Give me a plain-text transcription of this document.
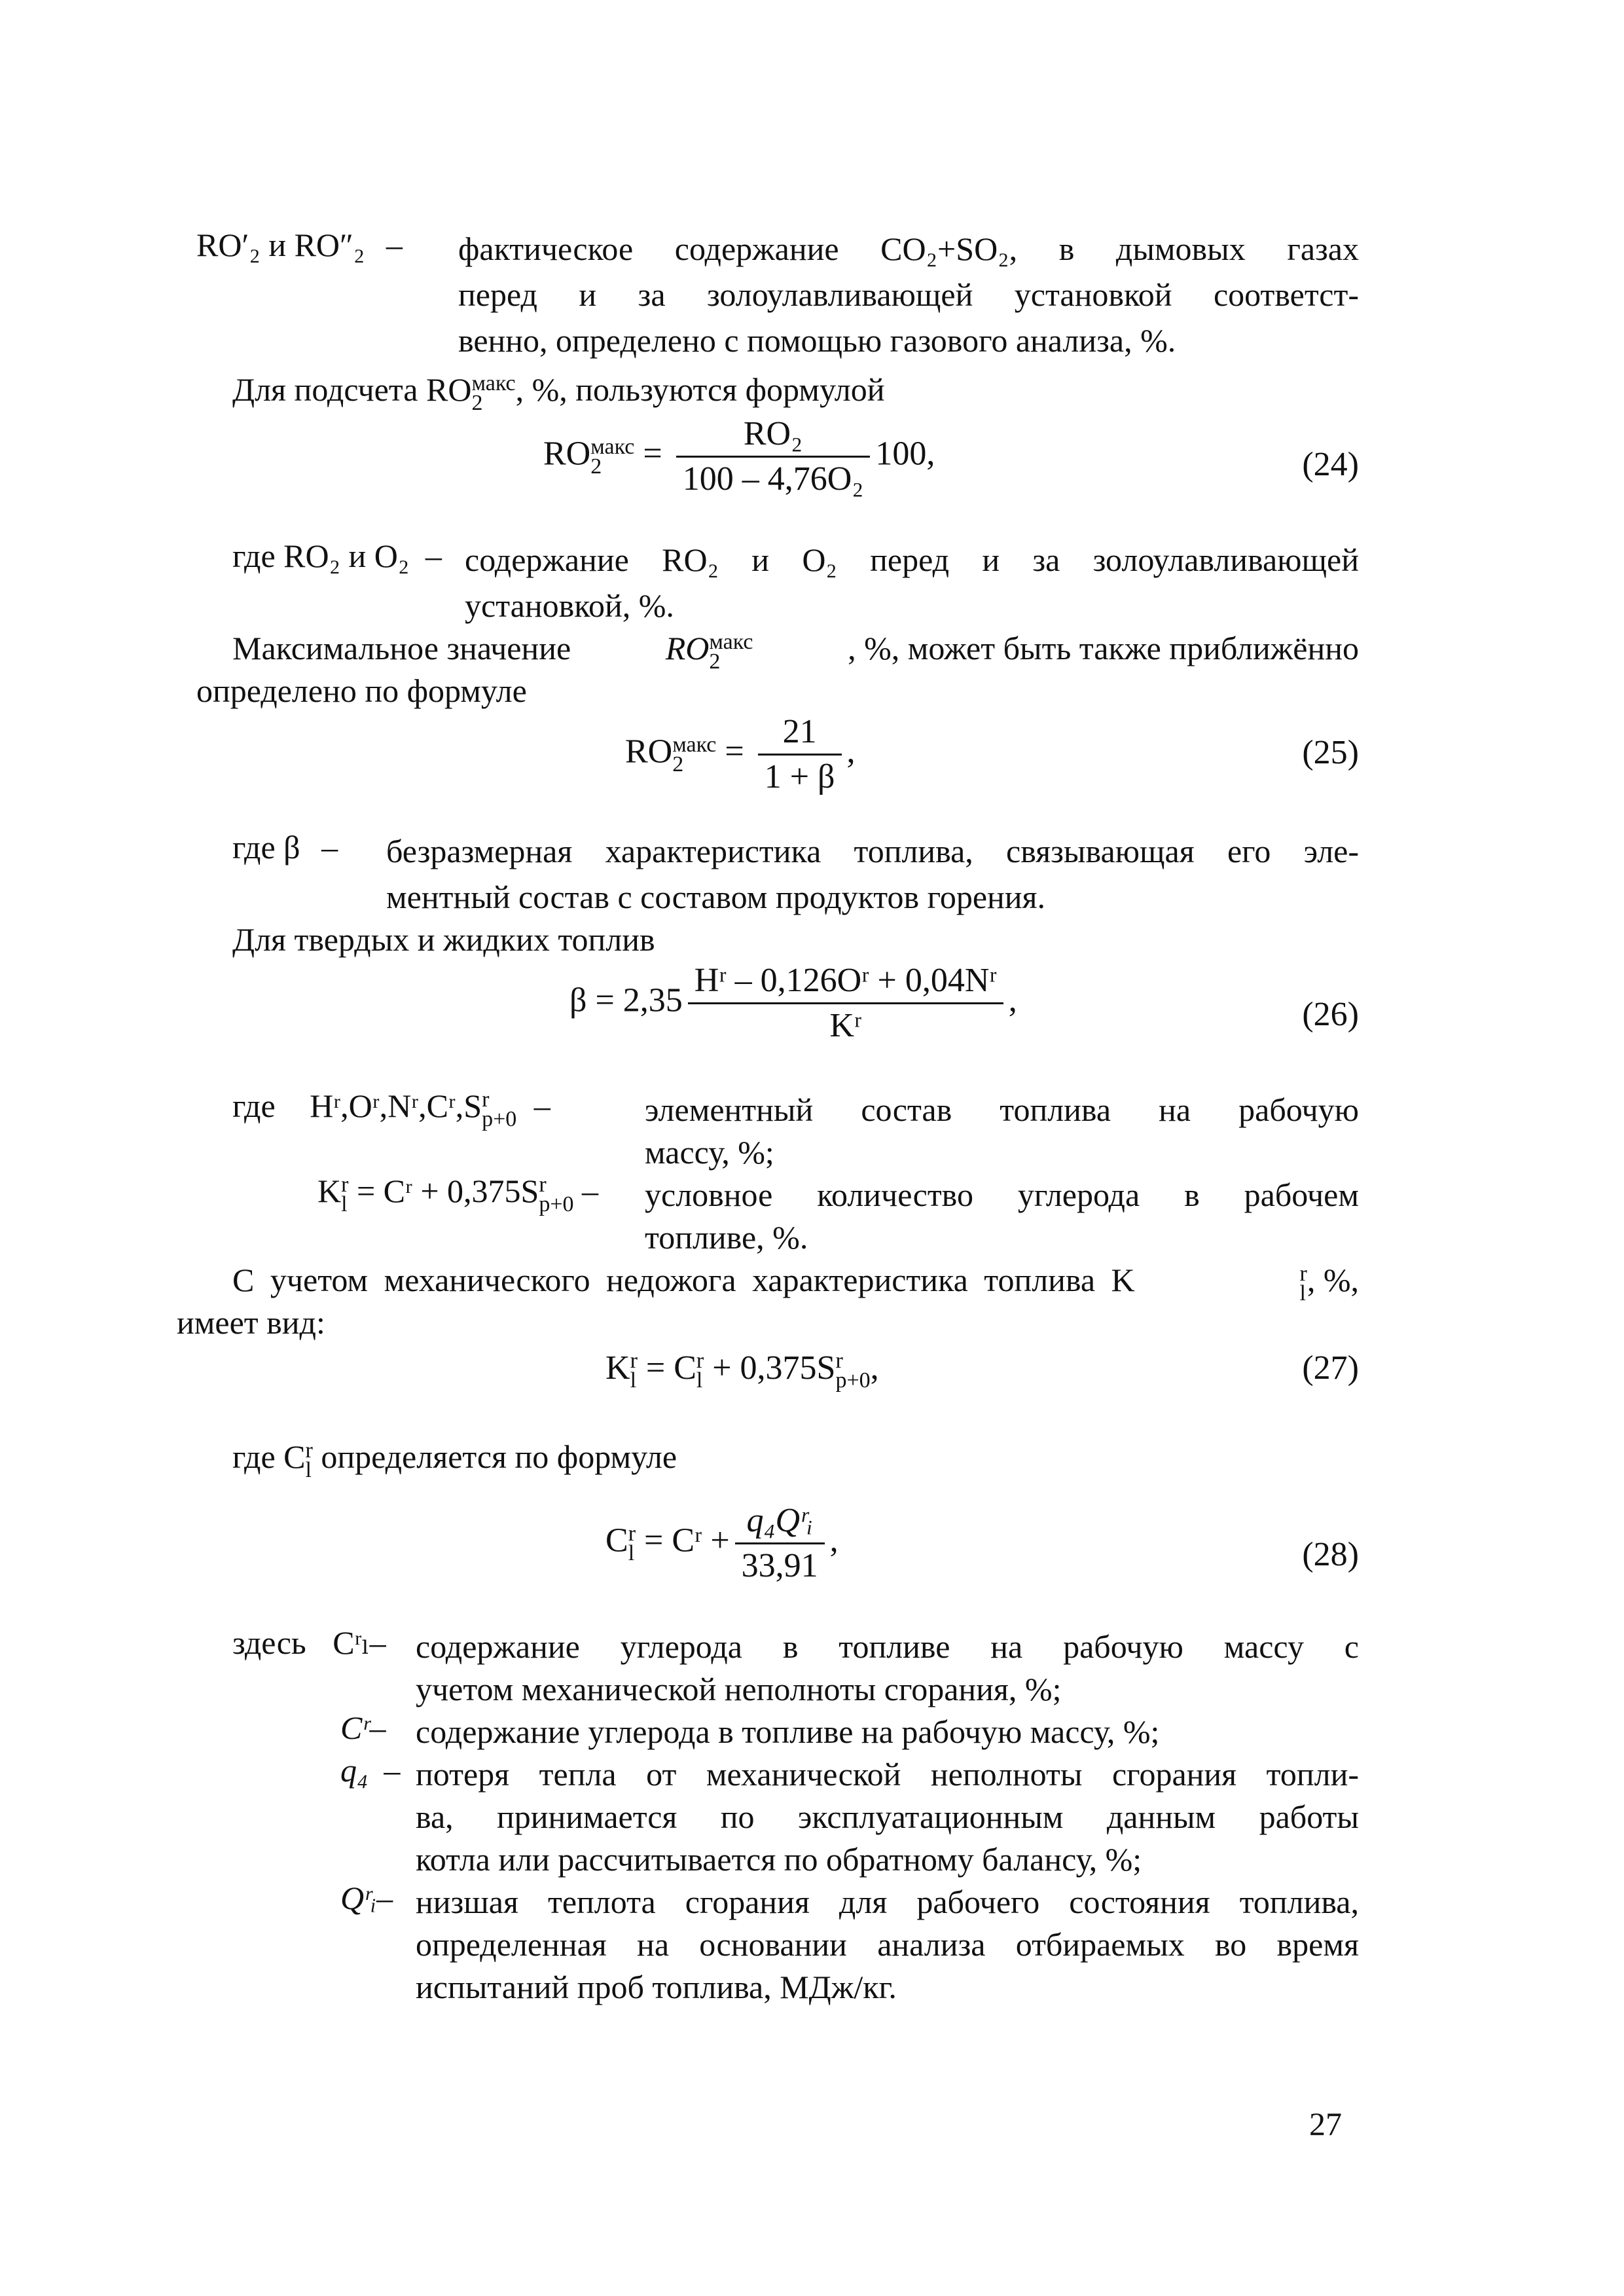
RO′₂ и RO″₂ – фактическое содержание CO₂+SO₂, в дымовых газах
перед и за золоулавливающей установкой соответст-
венно, определено с помощью газового анализа, %.
Для подсчета RO макс
2	, %, пользуются формулой
RO макс
2	= $\frac{\text{RO₂}}{\text{100 – 4,76O₂}} 100$,	(24)
где RO₂ и O₂ – содержание RO₂ и O₂ перед и за золоулавливающей
установкой, %.
Максимальное значение	RO макс
2	, %, может быть также приближённо
определено по формуле
RO макс
2	= $\frac{21}{1 + \beta}$ ,	(25)
где β – безразмерная характеристика топлива, связывающая его эле-
ментный состав с составом продуктов горения.
Для твердых и жидких топлив
$\beta = 2,35 \frac{\text{Hʳ – 0,126Oʳ + 0,04Nʳ}}{\text{Kʳ}}$ ,	(26)
где Hʳ,Oʳ,Nʳ,Cʳ,S r
p+0 –	элементный состав топлива на рабочую
массу, %;
K r
l = Cʳ + 0,375S r
p+0 – условное количество углерода в рабочем
топливе, %.
С учетом механического недожога характеристика топлива K	r
l , %,
имеет вид:
K r
l = C r
l + 0,375S r
p+0 ,	(27)
где C r
l определяется по формуле
C r
l = Cʳ + $\frac{\text{q₄Qʳᵢ}}{33,91}$ ,	(28)
здесь Cʳₗ– содержание углерода в топливе на рабочую массу с
учетом механической неполноты сгорания, %;
Cʳ– содержание углерода в топливе на рабочую массу, %;
q₄ – потеря тепла от механической неполноты сгорания топли-
ва, принимается по эксплуатационным данным работы
котла или рассчитывается по обратному балансу, %;
Qʳᵢ– низшая теплота сгорания для рабочего состояния топлива,
определенная на основании анализа отбираемых во время
испытаний проб топлива, МДж/кг.
27
